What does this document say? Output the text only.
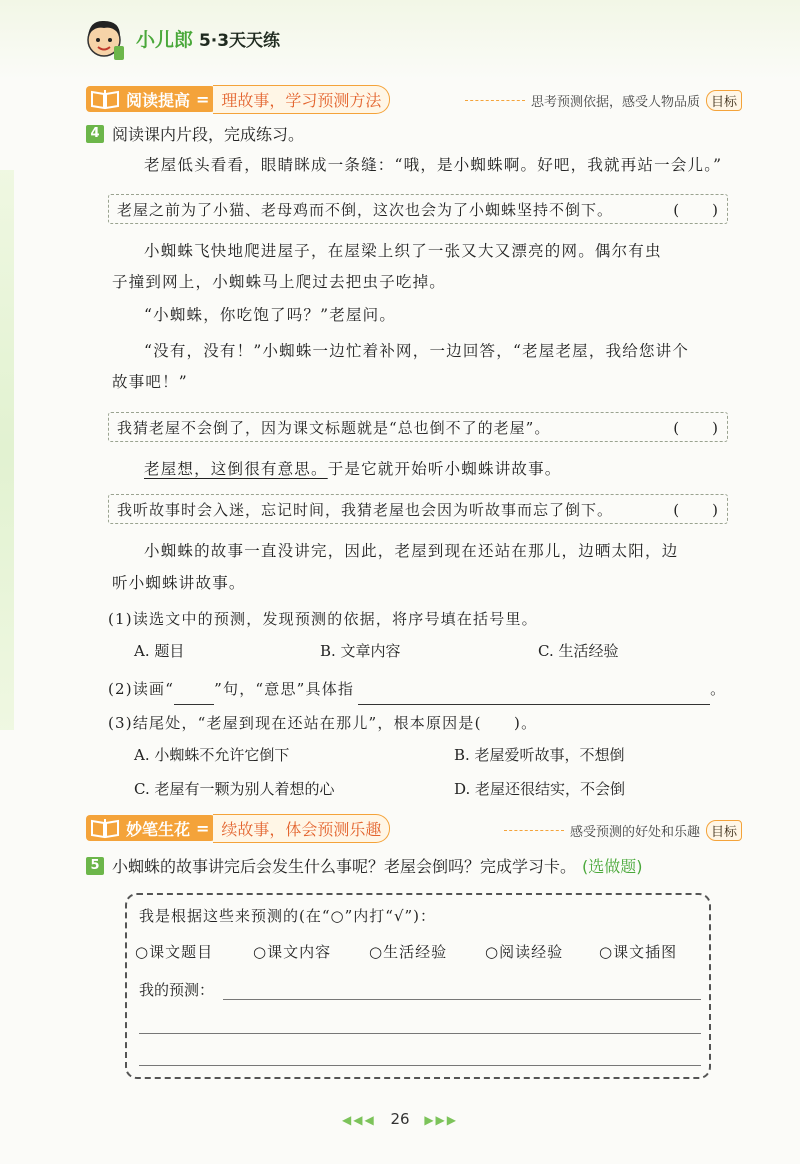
小儿郎 5·3天天练
阅读提高 = 理故事，学习预测方法	思考预测依据，感受人物品质 目标
4 阅读课内片段，完成练习。
老屋低头看看，眼睛眯成一条缝：“哦，是小蜘蛛啊。好吧，我就再站一会儿。”
老屋之前为了小猫、老母鸡而不倒，这次也会为了小蜘蛛坚持不倒下。	(　　)
小蜘蛛飞快地爬进屋子，在屋梁上织了一张又大又漂亮的网。偶尔有虫
子撞到网上，小蜘蛛马上爬过去把虫子吃掉。
“小蜘蛛，你吃饱了吗？”老屋问。
“没有，没有！”小蜘蛛一边忙着补网，一边回答，“老屋老屋，我给您讲个
故事吧！”
我猜老屋不会倒了，因为课文标题就是“总也倒不了的老屋”。	(　　)
老屋想，这倒很有意思。于是它就开始听小蜘蛛讲故事。
我听故事时会入迷，忘记时间，我猜老屋也会因为听故事而忘了倒下。	(　　)
小蜘蛛的故事一直没讲完，因此，老屋到现在还站在那儿，边晒太阳，边
听小蜘蛛讲故事。
(1)读选文中的预测，发现预测的依据，将序号填在括号里。
A. 题目	B. 文章内容	C. 生活经验
(2)读画“	”句，“意思”具体指	。
(3)结尾处，“老屋到现在还站在那儿”，根本原因是(　　)。
A. 小蜘蛛不允许它倒下	B. 老屋爱听故事，不想倒
C. 老屋有一颗为别人着想的心	D. 老屋还很结实，不会倒
妙笔生花 = 续故事，体会预测乐趣	感受预测的好处和乐趣 目标
5 小蜘蛛的故事讲完后会发生什么事呢？老屋会倒吗？完成学习卡。 (选做题)
我是根据这些来预测的(在“○”内打“√”)：
○课文题目	○课文内容	○生活经验	○阅读经验 ○课文插图
我的预测：
◀◀◀ 26 ▶▶▶
